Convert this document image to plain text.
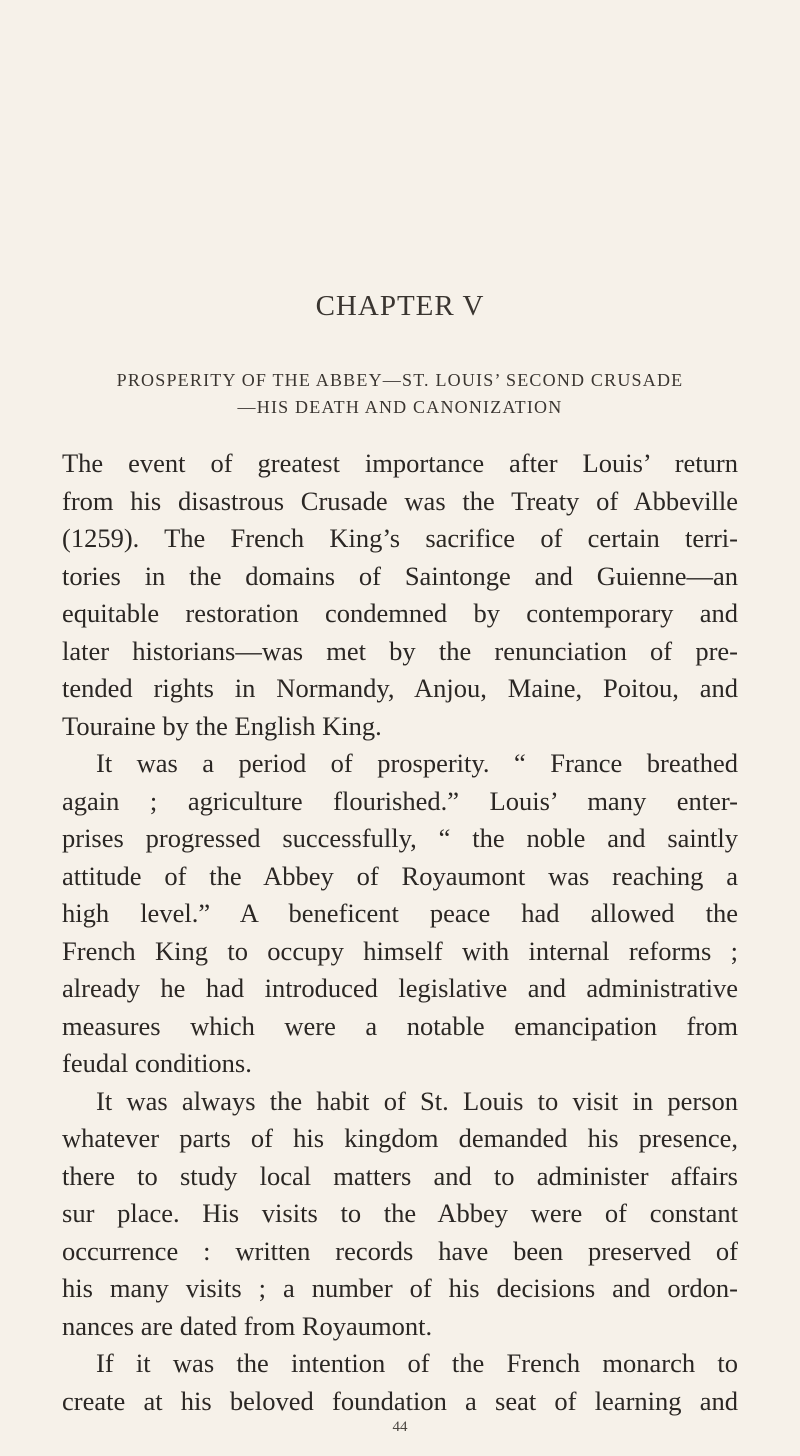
CHAPTER V
PROSPERITY OF THE ABBEY—ST. LOUIS’ SECOND CRUSADE
—HIS DEATH AND CANONIZATION
The event of greatest importance after Louis’ return
from his disastrous Crusade was the Treaty of Abbeville
(1259). The French King’s sacrifice of certain terri-
tories in the domains of Saintonge and Guienne—an
equitable restoration condemned by contemporary and
later historians—was met by the renunciation of pre-
tended rights in Normandy, Anjou, Maine, Poitou, and
Touraine by the English King.
It was a period of prosperity. “ France breathed
again ; agriculture flourished.” Louis’ many enter-
prises progressed successfully, “ the noble and saintly
attitude of the Abbey of Royaumont was reaching a
high level.” A beneficent peace had allowed the
French King to occupy himself with internal reforms ;
already he had introduced legislative and administrative
measures which were a notable emancipation from
feudal conditions.
It was always the habit of St. Louis to visit in person
whatever parts of his kingdom demanded his presence,
there to study local matters and to administer affairs
sur place. His visits to the Abbey were of constant
occurrence : written records have been preserved of
his many visits ; a number of his decisions and ordon-
nances are dated from Royaumont.
If it was the intention of the French monarch to
create at his beloved foundation a seat of learning and
44
